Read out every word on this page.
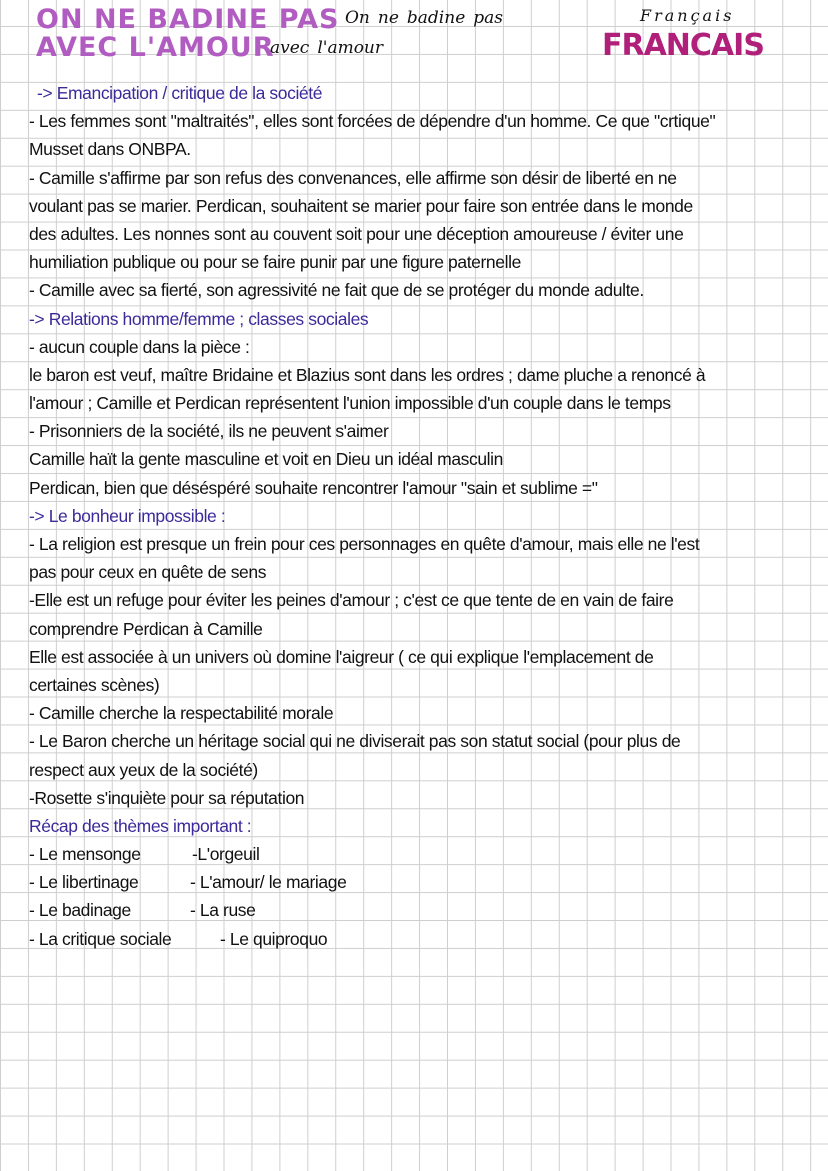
ON NE BADINE PAS
AVEC L'AMOUR
On ne badine pas
avec l'amour
Français
FRANCAIS
-> Emancipation / critique de la société
- Les femmes sont "maltraités", elles sont forcées de dépendre d'un homme. Ce que "crtique"
Musset dans ONBPA.
- Camille s'affirme par son refus des convenances, elle affirme son désir de liberté en ne
voulant pas se marier. Perdican, souhaitent se marier pour faire son entrée dans le monde
des adultes. Les nonnes sont au couvent soit pour une déception amoureuse / éviter une
humiliation publique ou pour se faire punir par une figure paternelle
- Camille avec sa fierté, son agressivité ne fait que de se protéger du monde adulte.
-> Relations homme/femme ; classes sociales
- aucun couple dans la pièce :
le baron est veuf, maître Bridaine et Blazius sont dans les ordres ; dame pluche a renoncé à
l'amour ; Camille et Perdican représentent l'union impossible d'un couple dans le temps
- Prisonniers de la société, ils ne peuvent s'aimer
Camille haït la gente masculine et voit en Dieu un idéal masculin
Perdican, bien que déséspéré souhaite rencontrer l'amour "sain et sublime ="
-> Le bonheur impossible :
- La religion est presque un frein pour ces personnages en quête d'amour, mais elle ne l'est
pas pour ceux en quête de sens
-Elle est un refuge pour éviter les peines d'amour ; c'est ce que tente de en vain de faire
comprendre Perdican à Camille
Elle est associée à un univers où domine l'aigreur ( ce qui explique l'emplacement de
certaines scènes)
- Camille cherche la respectabilité morale
- Le Baron cherche un héritage social qui ne diviserait pas son statut social (pour plus de
respect aux yeux de la société)
-Rosette s'inquiète pour sa réputation
Récap des thèmes important :
- Le mensonge	-L'orgeuil
- Le libertinage	- L'amour/ le mariage
- Le badinage	- La ruse
- La critique sociale	- Le quiproquo
